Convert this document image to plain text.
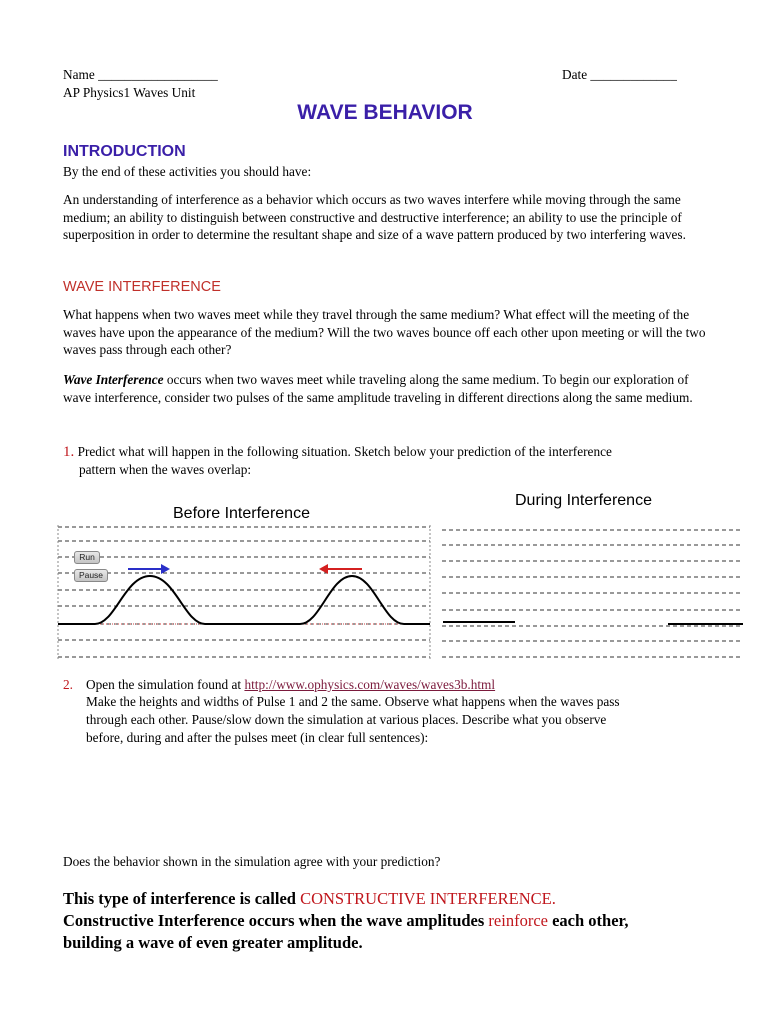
Name __________________	Date _____________
AP Physics1 Waves Unit
WAVE BEHAVIOR
INTRODUCTION
By the end of these activities you should have:
An understanding of interference as a behavior which occurs as two waves interfere while moving through the same medium; an ability to distinguish between constructive and destructive interference; an ability to use the principle of superposition in order to determine the resultant shape and size of a wave pattern produced by two interfering waves.
WAVE INTERFERENCE
What happens when two waves meet while they travel through the same medium? What effect will the meeting of the waves have upon the appearance of the medium? Will the two waves bounce off each other upon meeting or will the two waves pass through each other?
Wave Interference occurs when two waves meet while traveling along the same medium. To begin our exploration of wave interference, consider two pulses of the same amplitude traveling in different directions along the same medium.
1. Predict what will happen in the following situation. Sketch below your prediction of the interference
pattern when the waves overlap:
Before Interference
During Interference
Run
Pause
2. Open the simulation found at http://www.ophysics.com/waves/waves3b.html
Make the heights and widths of Pulse 1 and 2 the same. Observe what happens when the waves pass
through each other. Pause/slow down the simulation at various places. Describe what you observe
before, during and after the pulses meet (in clear full sentences):
Does the behavior shown in the simulation agree with your prediction?
This type of interference is called CONSTRUCTIVE INTERFERENCE.
Constructive Interference occurs when the wave amplitudes reinforce each other,
building a wave of even greater amplitude.
